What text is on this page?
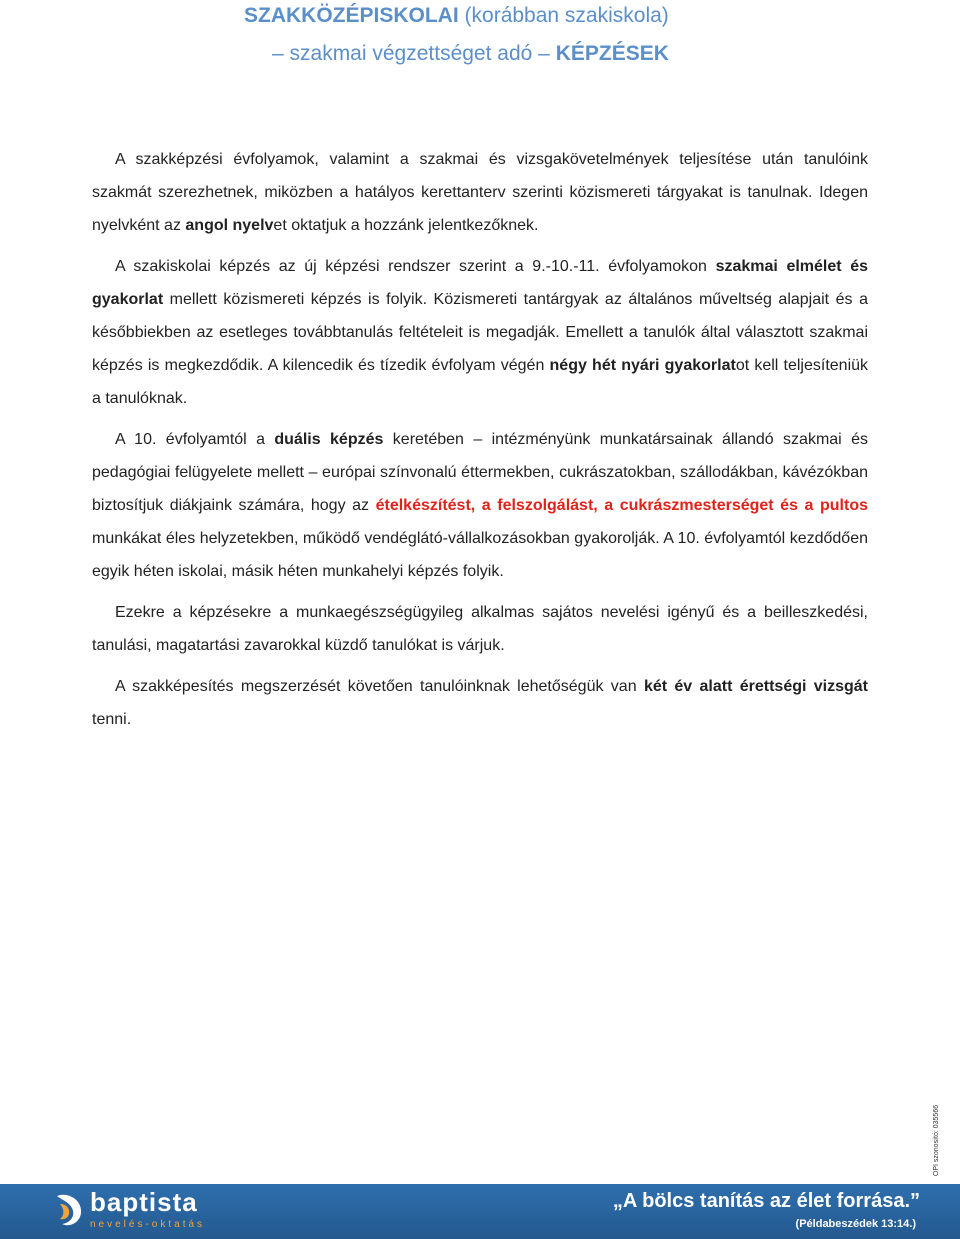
SZAKKÖZÉPISKOLAI (korábban szakiskola)
– szakmai végzettséget adó – KÉPZÉSEK

A szakképzési évfolyamok, valamint a szakmai és vizsgakövetelmények teljesítése után tanulóink szakmát szerezhetnek, miközben a hatályos kerettanterv szerinti közismereti tárgyakat is tanulnak. Idegen nyelvként az angol nyelvet oktatjuk a hozzánk jelentkezőknek.

A szakiskolai képzés az új képzési rendszer szerint a 9.-10.-11. évfolyamokon szakmai elmélet és gyakorlat mellett közismereti képzés is folyik. Közismereti tantárgyak az általános műveltség alapjait és a későbbiekben az esetleges továbbtanulás feltételeit is megadják. Emellett a tanulók által választott szakmai képzés is megkezdődik. A kilencedik és tízedik évfolyam végén négy hét nyári gyakorlatot kell teljesíteniük a tanulóknak.

A 10. évfolyamtól a duális képzés keretében – intézményünk munkatársainak állandó szakmai és pedagógiai felügyelete mellett – európai színvonalú éttermekben, cukrászatokban, szállodákban, kávézókban biztosítjuk diákjaink számára, hogy az ételkészítést, a felszolgálást, a cukrászmesterséget és a pultos munkákat éles helyzetekben, működő vendéglátó-vállalkozásokban gyakorolják. A 10. évfolyamtól kezdődően egyik héten iskolai, másik héten munkahelyi képzés folyik.

Ezekre a képzésekre a munkaegészségügyileg alkalmas sajátos nevelési igényű és a beilleszkedési, tanulási, magatartási zavarokkal küzdő tanulókat is várjuk.

A szakképesítés megszerzését követően tanulóinknak lehetőségük van két év alatt érettségi vizsgát tenni.

OPI szonosító: 035566
baptista
nevelés-oktatás
„A bölcs tanítás az élet forrása.”
(Példabeszédek 13:14.)
